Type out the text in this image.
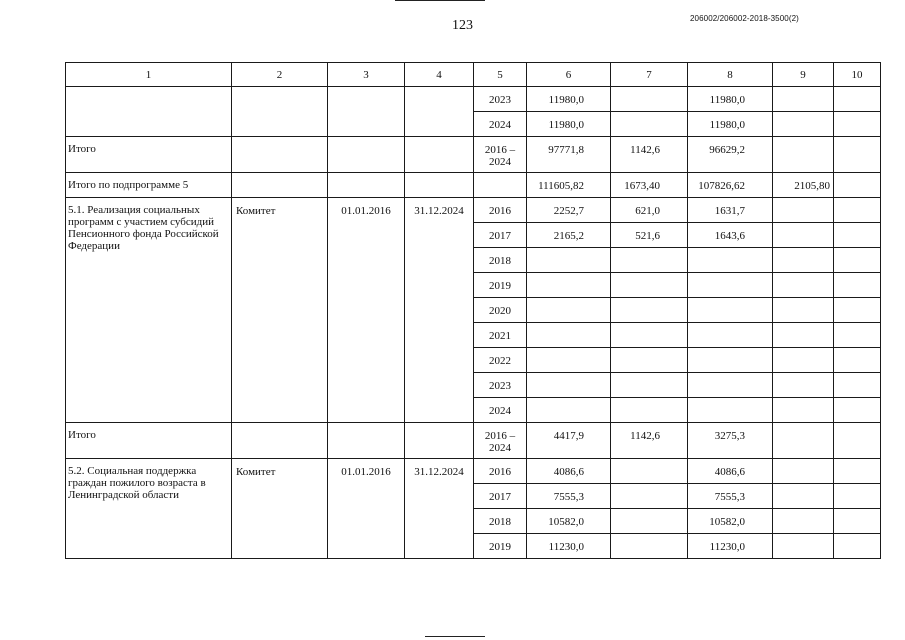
123	206002/206002-2018-3500(2)
1	2	3	4	5	6	7	8	9	10

				2023	11980,0		11980,0		

				2024	11980,0		11980,0		

Итого				2016 – 2024	97771,8	1142,6	96629,2		

Итого по подпрограмме 5					111605,82	1673,40	107826,62	2105,80	

5.1. Реализация социальных программ с участием субсидий Пенсионного фонда Российской Федерации	Комитет	01.01.2016	31.12.2024	2016	2252,7	621,0	1631,7		

				2017	2165,2	521,6	1643,6		

				2018					

				2019					

				2020					

				2021					

				2022					

				2023					

				2024					

Итого				2016 – 2024	4417,9	1142,6	3275,3		

5.2. Социальная поддержка граждан пожилого возраста в Ленинградской области	Комитет	01.01.2016	31.12.2024	2016	4086,6		4086,6		

				2017	7555,3		7555,3		

				2018	10582,0		10582,0		

				2019	11230,0		11230,0		
